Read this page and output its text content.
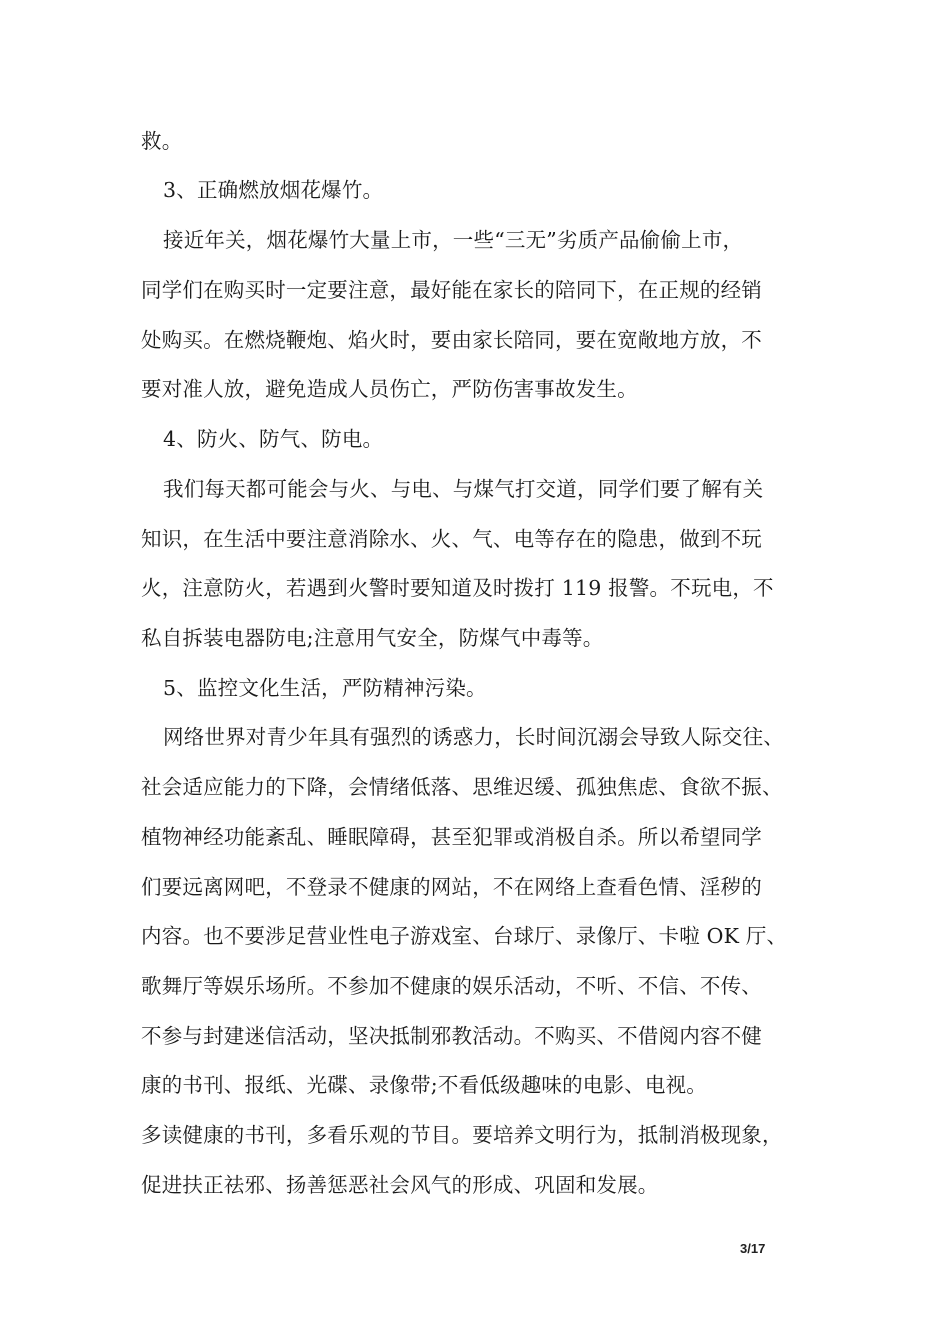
救。
3、正确燃放烟花爆竹。
接近年关，烟花爆竹大量上市，一些“三无”劣质产品偷偷上市，
同学们在购买时一定要注意，最好能在家长的陪同下，在正规的经销
处购买。在燃烧鞭炮、焰火时，要由家长陪同，要在宽敞地方放，不
要对准人放，避免造成人员伤亡，严防伤害事故发生。
4、防火、防气、防电。
我们每天都可能会与火、与电、与煤气打交道，同学们要了解有关
知识，在生活中要注意消除水、火、气、电等存在的隐患，做到不玩
火，注意防火，若遇到火警时要知道及时拨打 119 报警。不玩电，不
私自拆装电器防电;注意用气安全，防煤气中毒等。
5、监控文化生活，严防精神污染。
网络世界对青少年具有强烈的诱惑力，长时间沉溺会导致人际交往、
社会适应能力的下降，会情绪低落、思维迟缓、孤独焦虑、食欲不振、
植物神经功能紊乱、睡眠障碍，甚至犯罪或消极自杀。所以希望同学
们要远离网吧，不登录不健康的网站，不在网络上查看色情、淫秽的
内容。也不要涉足营业性电子游戏室、台球厅、录像厅、卡啦 OK 厅、
歌舞厅等娱乐场所。不参加不健康的娱乐活动，不听、不信、不传、
不参与封建迷信活动，坚决抵制邪教活动。不购买、不借阅内容不健
康的书刊、报纸、光碟、录像带;不看低级趣味的电影、电视。
多读健康的书刊，多看乐观的节目。要培养文明行为，抵制消极现象，
促进扶正祛邪、扬善惩恶社会风气的形成、巩固和发展。
3/17
